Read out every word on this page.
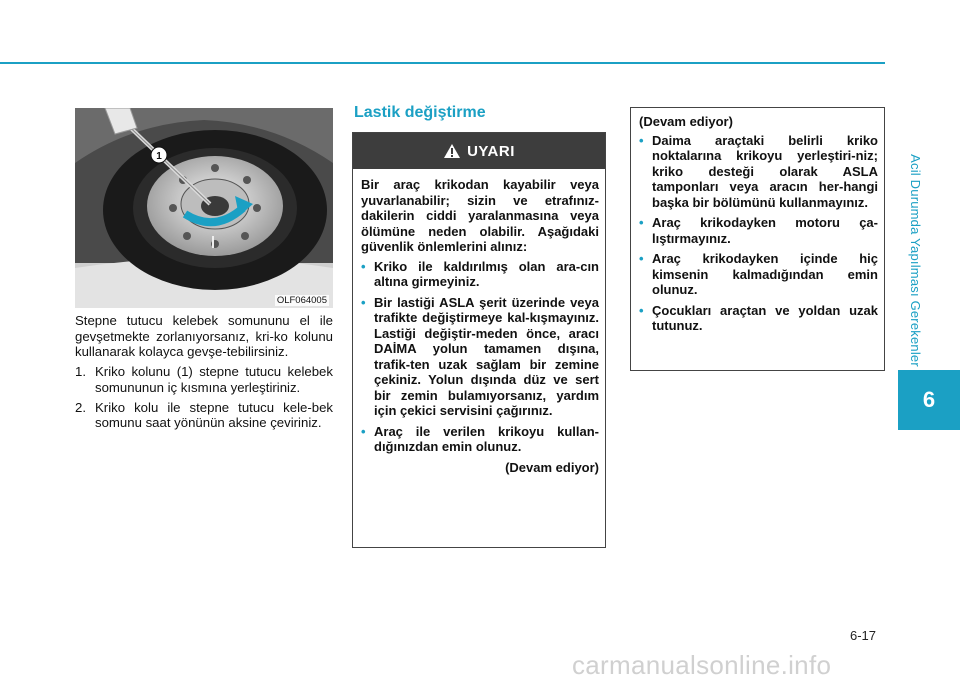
Acil Durumda Yapılması Gerekenler
6
1
OLF064005

Stepne tutucu kelebek somununu el ile gevşetmekte zorlanıyorsanız, kri-ko kolunu kullanarak kolayca gevşe-tebilirsiniz.

1. Kriko kolunu (1) stepne tutucu kelebek somununun iç kısmına yerleştiriniz.
2. Kriko kolu ile stepne tutucu kele-bek somunu saat yönünün aksine çeviriniz.
Lastik değiştirme
UYARI

Bir araç krikodan kayabilir veya yuvarlanabilir; sizin ve etrafınız-dakilerin ciddi yaralanmasına veya ölümüne neden olabilir. Aşağıdaki güvenlik önlemlerini alınız:

• Kriko ile kaldırılmış olan ara-cın altına girmeyiniz.
• Bir lastiği ASLA şerit üzerinde veya trafikte değiştirmeye kal-kışmayınız. Lastiği değiştir-meden önce, aracı DAİMA yolun tamamen dışına, trafik-ten uzak sağlam bir zemine çekiniz. Yolun dışında düz ve sert bir zemin bulamıyorsanız, yardım için çekici servisini çağırınız.
• Araç ile verilen krikoyu kullan-dığınızdan emin olunuz.
(Devam ediyor)

(Devam ediyor)

• Daima araçtaki belirli kriko noktalarına krikoyu yerleştiri-niz; kriko desteği olarak ASLA tamponları veya aracın her-hangi başka bir bölümünü kullanmayınız.
• Araç krikodayken motoru ça-lıştırmayınız.
• Araç krikodayken içinde hiç kimsenin kalmadığından emin olunuz.
• Çocukları araçtan ve yoldan uzak tutunuz.
6-17
carmanualsonline.info
